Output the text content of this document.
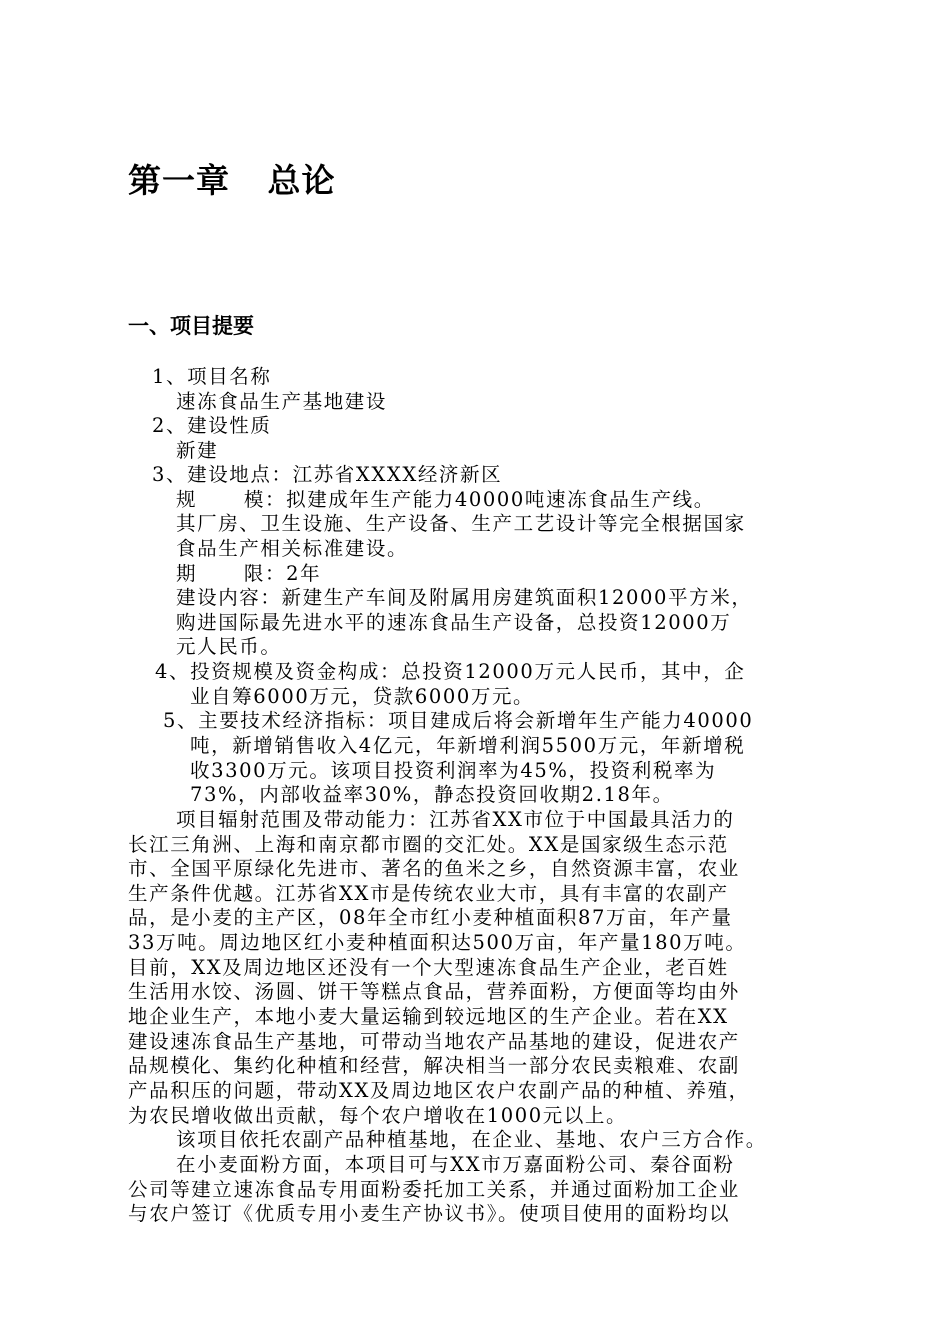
第一章   总论
一、项目提要
1、项目名称
速冻食品生产基地建设
2、建设性质
新建
3、建设地点：江苏省XXXX经济新区
规      模：拟建成年生产能力40000吨速冻食品生产线。
其厂房、卫生设施、生产设备、生产工艺设计等完全根据国家
食品生产相关标准建设。
期      限：2年
建设内容：新建生产车间及附属用房建筑面积12000平方米，
购进国际最先进水平的速冻食品生产设备，总投资12000万
元人民币。
4、投资规模及资金构成：总投资12000万元人民币，其中，企
业自筹6000万元，贷款6000万元。
5、主要技术经济指标：项目建成后将会新增年生产能力40000
吨，新增销售收入4亿元，年新增利润5500万元，年新增税
收3300万元。该项目投资利润率为45%，投资利税率为
73%，内部收益率30%，静态投资回收期2.18年。
项目辐射范围及带动能力：江苏省XX市位于中国最具活力的
长江三角洲、上海和南京都市圈的交汇处。XX是国家级生态示范
市、全国平原绿化先进市、著名的鱼米之乡，自然资源丰富，农业
生产条件优越。江苏省XX市是传统农业大市，具有丰富的农副产
品，是小麦的主产区，08年全市红小麦种植面积87万亩，年产量
33万吨。周边地区红小麦种植面积达500万亩，年产量180万吨。
目前，XX及周边地区还没有一个大型速冻食品生产企业，老百姓
生活用水饺、汤圆、饼干等糕点食品，营养面粉，方便面等均由外
地企业生产，本地小麦大量运输到较远地区的生产企业。若在XX
建设速冻食品生产基地，可带动当地农产品基地的建设，促进农产
品规模化、集约化种植和经营，解决相当一部分农民卖粮难、农副
产品积压的问题，带动XX及周边地区农户农副产品的种植、养殖，
为农民增收做出贡献，每个农户增收在1000元以上。
该项目依托农副产品种植基地，在企业、基地、农户三方合作。
在小麦面粉方面，本项目可与XX市万嘉面粉公司、秦谷面粉
公司等建立速冻食品专用面粉委托加工关系，并通过面粉加工企业
与农户签订《优质专用小麦生产协议书》。使项目使用的面粉均以
